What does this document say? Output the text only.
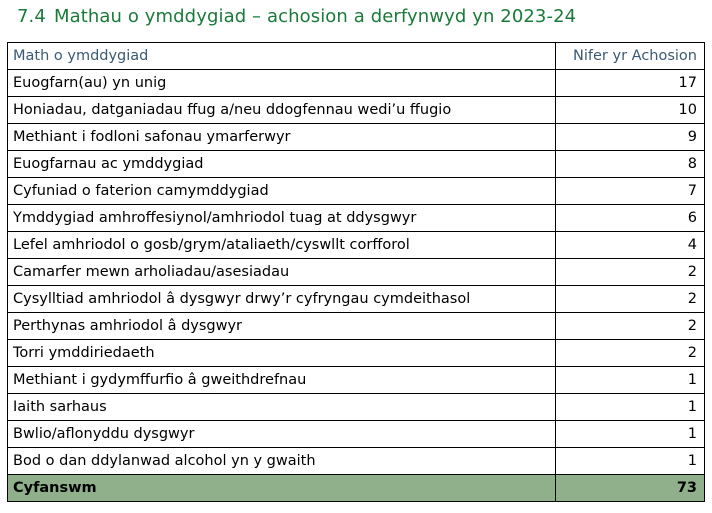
7.4 Mathau o ymddygiad – achosion a derfynwyd yn 2023-24
Math o ymddygiad	Nifer yr Achosion
Euogfarn(au) yn unig	17
Honiadau, datganiadau ffug a/neu ddogfennau wedi’u ffugio	10
Methiant i fodloni safonau ymarferwyr	9
Euogfarnau ac ymddygiad	8
Cyfuniad o faterion camymddygiad	7
Ymddygiad amhroffesiynol/amhriodol tuag at ddysgwyr	6
Lefel amhriodol o gosb/grym/ataliaeth/cyswllt corfforol	4
Camarfer mewn arholiadau/asesiadau	2
Cysylltiad amhriodol â dysgwyr drwy’r cyfryngau cymdeithasol	2
Perthynas amhriodol â dysgwyr	2
Torri ymddiriedaeth	2
Methiant i gydymffurfio â gweithdrefnau	1
Iaith sarhaus	1
Bwlio/aflonyddu dysgwyr	1
Bod o dan ddylanwad alcohol yn y gwaith	1
Cyfanswm	73
